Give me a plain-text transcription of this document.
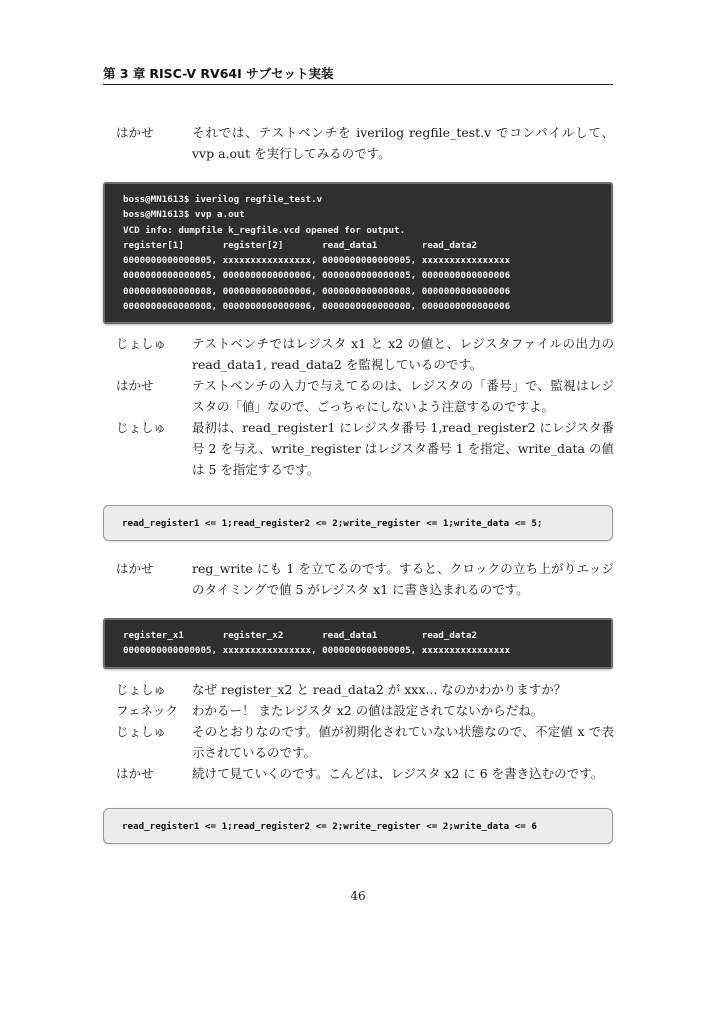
第 3 章 RISC-V RV64I サブセット実装
はかせ	それでは、テストベンチを iverilog regfile_test.v でコンパイルして、vvp a.out を実行してみるのです。
boss@MN1613$ iverilog regfile_test.v
boss@MN1613$ vvp a.out
VCD info: dumpfile k_regfile.vcd opened for output.
register[1]       register[2]       read_data1        read_data2
0000000000000005, xxxxxxxxxxxxxxxx, 0000000000000005, xxxxxxxxxxxxxxxx
0000000000000005, 0000000000000006, 0000000000000005, 0000000000000006
0000000000000008, 0000000000000006, 0000000000000008, 0000000000000006
0000000000000008, 0000000000000006, 0000000000000000, 0000000000000006
じょしゅ	テストベンチではレジスタ x1 と x2 の値と、レジスタファイルの出力の read_data1, read_data2 を監視しているのです。
はかせ	テストベンチの入力で与えてるのは、レジスタの「番号」で、監視はレジスタの「値」なので、ごっちゃにしないよう注意するのですよ。
じょしゅ	最初は、read_register1 にレジスタ番号 1,read_register2 にレジスタ番号 2 を与え、write_register はレジスタ番号 1 を指定、write_data の値は 5 を指定するです。
read_register1 <= 1;read_register2 <= 2;write_register <= 1;write_data <= 5;
はかせ	reg_write にも 1 を立てるのです。すると、クロックの立ち上がりエッジのタイミングで値 5 がレジスタ x1 に書き込まれるのです。
register_x1       register_x2       read_data1        read_data2
0000000000000005, xxxxxxxxxxxxxxxx, 0000000000000005, xxxxxxxxxxxxxxxx
じょしゅ	なぜ register_x2 と read_data2 が xxx... なのかわかりますか？
フェネック	わかるー！ またレジスタ x2 の値は設定されてないからだね。
じょしゅ	そのとおりなのです。値が初期化されていない状態なので、不定値 x で表示されているのです。
はかせ	続けて見ていくのです。こんどは、レジスタ x2 に 6 を書き込むのです。
read_register1 <= 1;read_register2 <= 2;write_register <= 2;write_data <= 6
46
